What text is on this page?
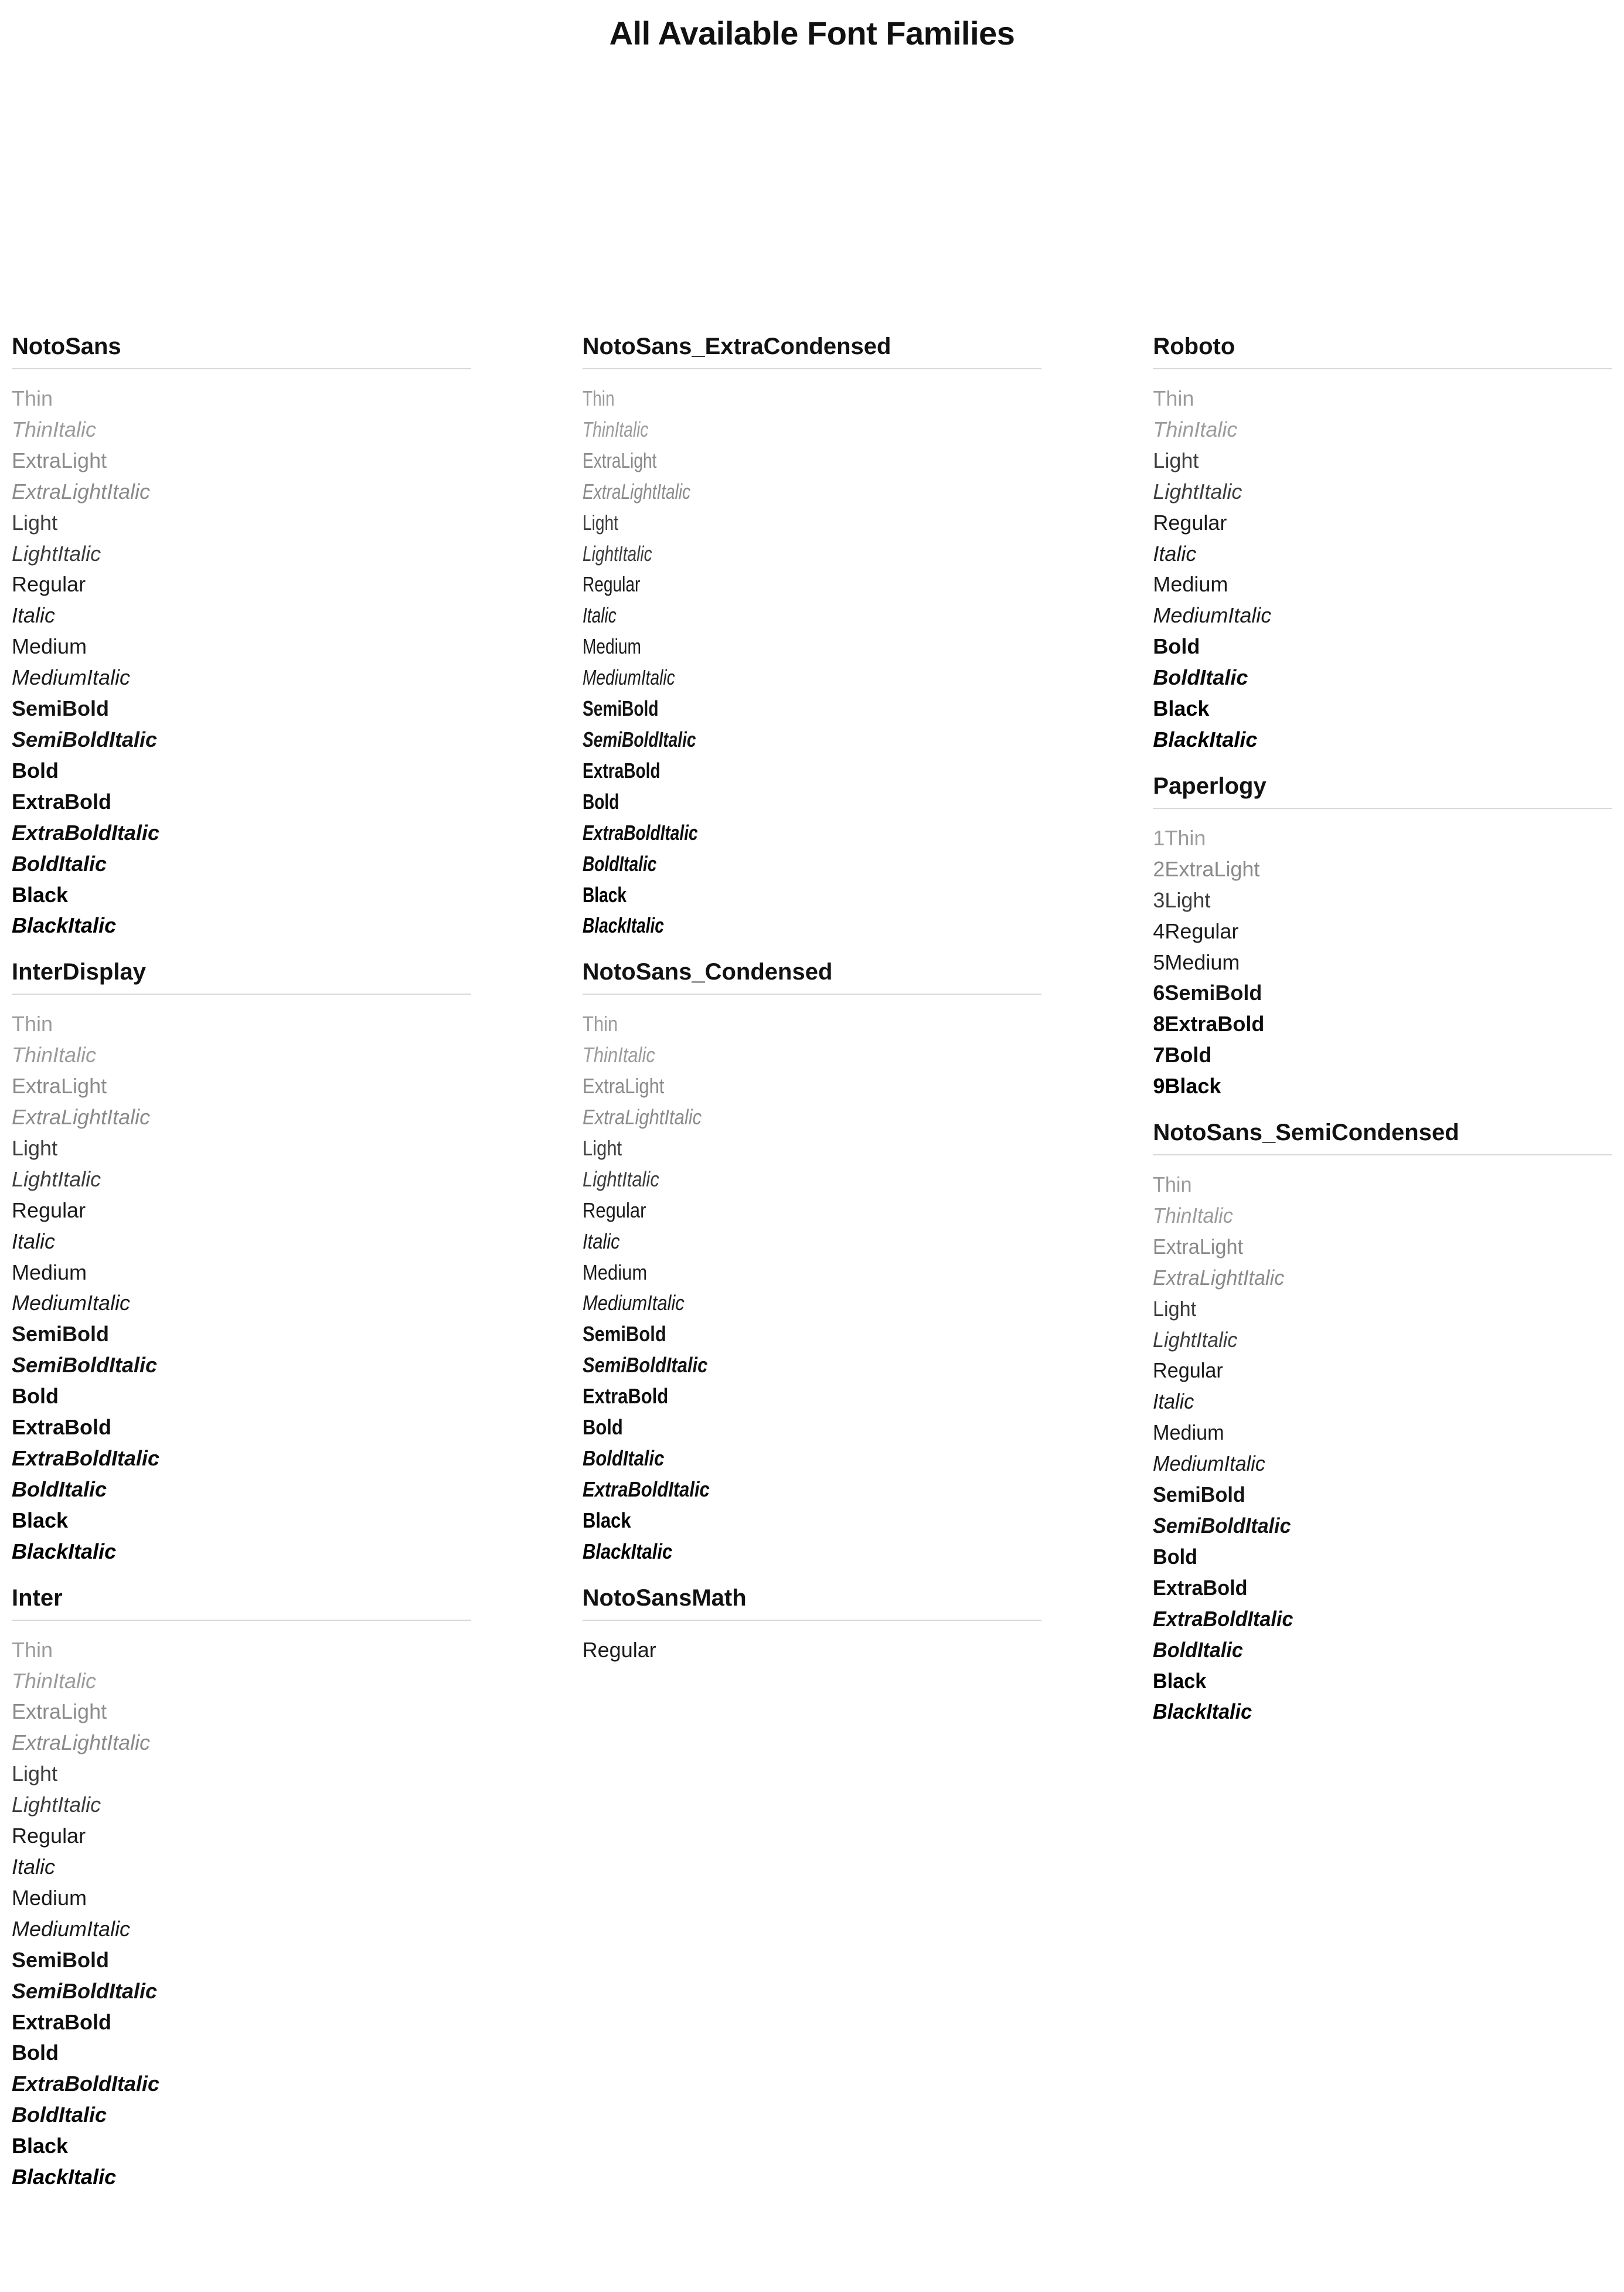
All Available Font Families
NotoSans
Thin
ThinItalic
ExtraLight
ExtraLightItalic
Light
LightItalic
Regular
Italic
Medium
MediumItalic
SemiBold
SemiBoldItalic
Bold
ExtraBold
ExtraBoldItalic
BoldItalic
Black
BlackItalic
InterDisplay
Thin
ThinItalic
ExtraLight
ExtraLightItalic
Light
LightItalic
Regular
Italic
Medium
MediumItalic
SemiBold
SemiBoldItalic
Bold
ExtraBold
ExtraBoldItalic
BoldItalic
Black
BlackItalic
Inter
Thin
ThinItalic
ExtraLight
ExtraLightItalic
Light
LightItalic
Regular
Italic
Medium
MediumItalic
SemiBold
SemiBoldItalic
ExtraBold
Bold
ExtraBoldItalic
BoldItalic
Black
BlackItalic
NotoSans_ExtraCondensed
Thin
ThinItalic
ExtraLight
ExtraLightItalic
Light
LightItalic
Regular
Italic
Medium
MediumItalic
SemiBold
SemiBoldItalic
ExtraBold
Bold
ExtraBoldItalic
BoldItalic
Black
BlackItalic
NotoSans_Condensed
Thin
ThinItalic
ExtraLight
ExtraLightItalic
Light
LightItalic
Regular
Italic
Medium
MediumItalic
SemiBold
SemiBoldItalic
ExtraBold
Bold
BoldItalic
ExtraBoldItalic
Black
BlackItalic
NotoSansMath
Regular
Roboto
Thin
ThinItalic
Light
LightItalic
Regular
Italic
Medium
MediumItalic
Bold
BoldItalic
Black
BlackItalic
Paperlogy
1Thin
2ExtraLight
3Light
4Regular
5Medium
6SemiBold
8ExtraBold
7Bold
9Black
NotoSans_SemiCondensed
Thin
ThinItalic
ExtraLight
ExtraLightItalic
Light
LightItalic
Regular
Italic
Medium
MediumItalic
SemiBold
SemiBoldItalic
Bold
ExtraBold
ExtraBoldItalic
BoldItalic
Black
BlackItalic
